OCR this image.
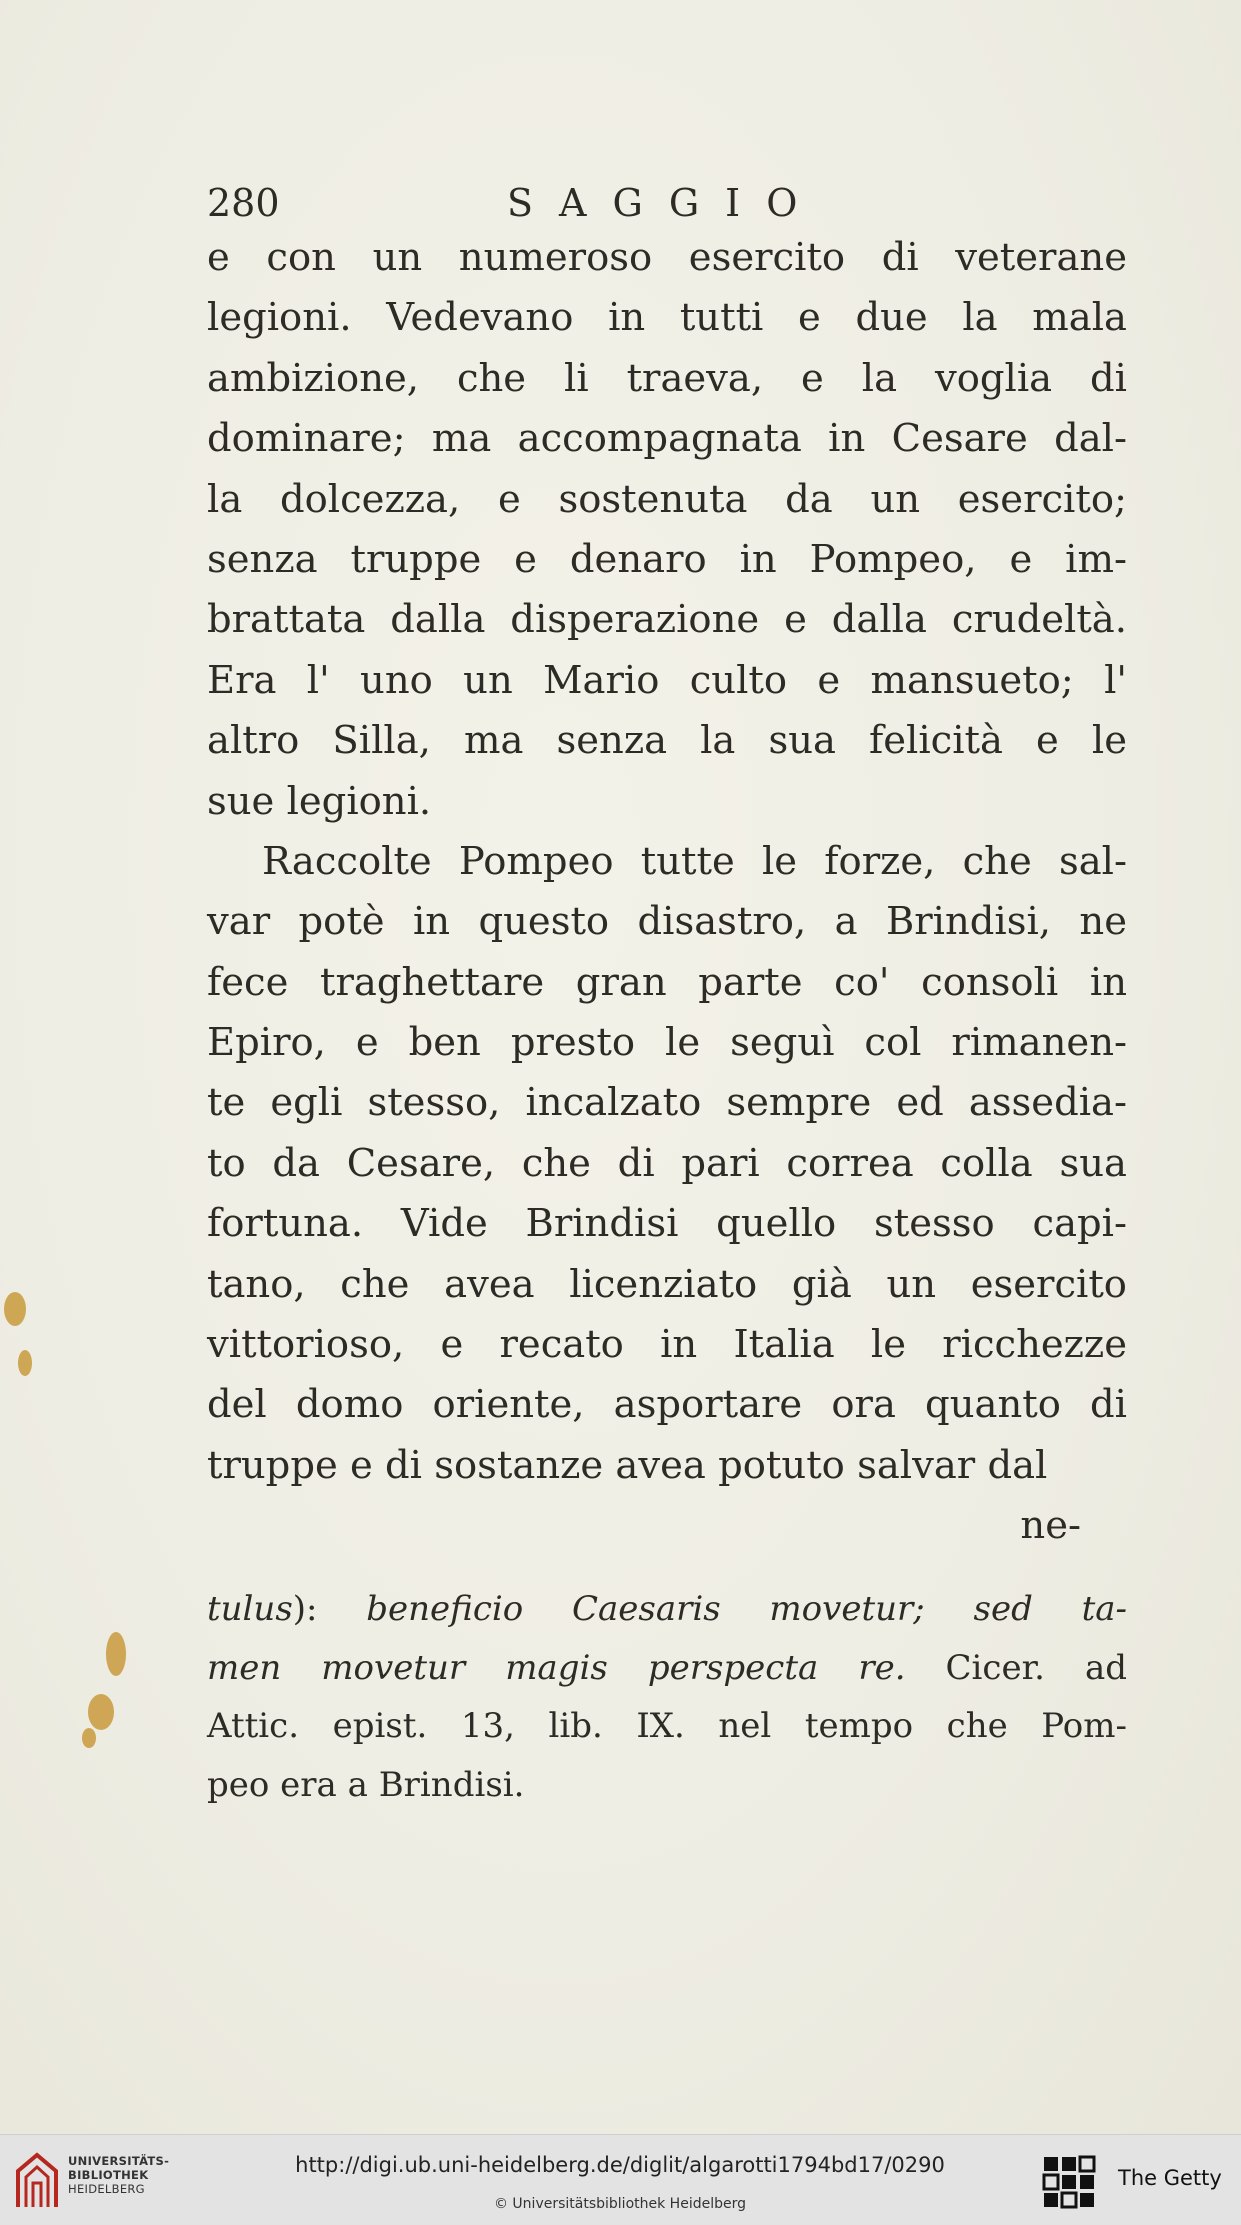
280	SAGGIO
e con un numeroso esercito di veterane
legioni. Vedevano in tutti e due la mala
ambizione, che li traeva, e la voglia di
dominare; ma accompagnata in Cesare dal-
la dolcezza, e sostenuta da un esercito;
senza truppe e denaro in Pompeo, e im-
brattata dalla disperazione e dalla crudeltà.
Era l' uno un Mario culto e mansueto; l'
altro Silla, ma senza la sua felicità e le
sue legioni.
Raccolte Pompeo tutte le forze, che sal-
var potè in questo disastro, a Brindisi, ne
fece traghettare gran parte co' consoli in
Epiro, e ben presto le seguì col rimanen-
te egli stesso, incalzato sempre ed assedia-
to da Cesare, che di pari correa colla sua
fortuna. Vide Brindisi quello stesso capi-
tano, che avea licenziato già un esercito
vittorioso, e recato in Italia le ricchezze
del domo oriente, asportare ora quanto di
truppe e di sostanze avea potuto salvar dal
ne-
tulus): beneficio Caesaris movetur; sed ta-
men movetur magis perspecta re. Cicer. ad
Attic. epist. 13, lib. IX. nel tempo che Pom-
peo era a Brindisi.
UNIVERSITÄTS-
BIBLIOTHEK
HEIDELBERG
http://digi.ub.uni-heidelberg.de/diglit/algarotti1794bd17/0290
© Universitätsbibliothek Heidelberg
The Getty
